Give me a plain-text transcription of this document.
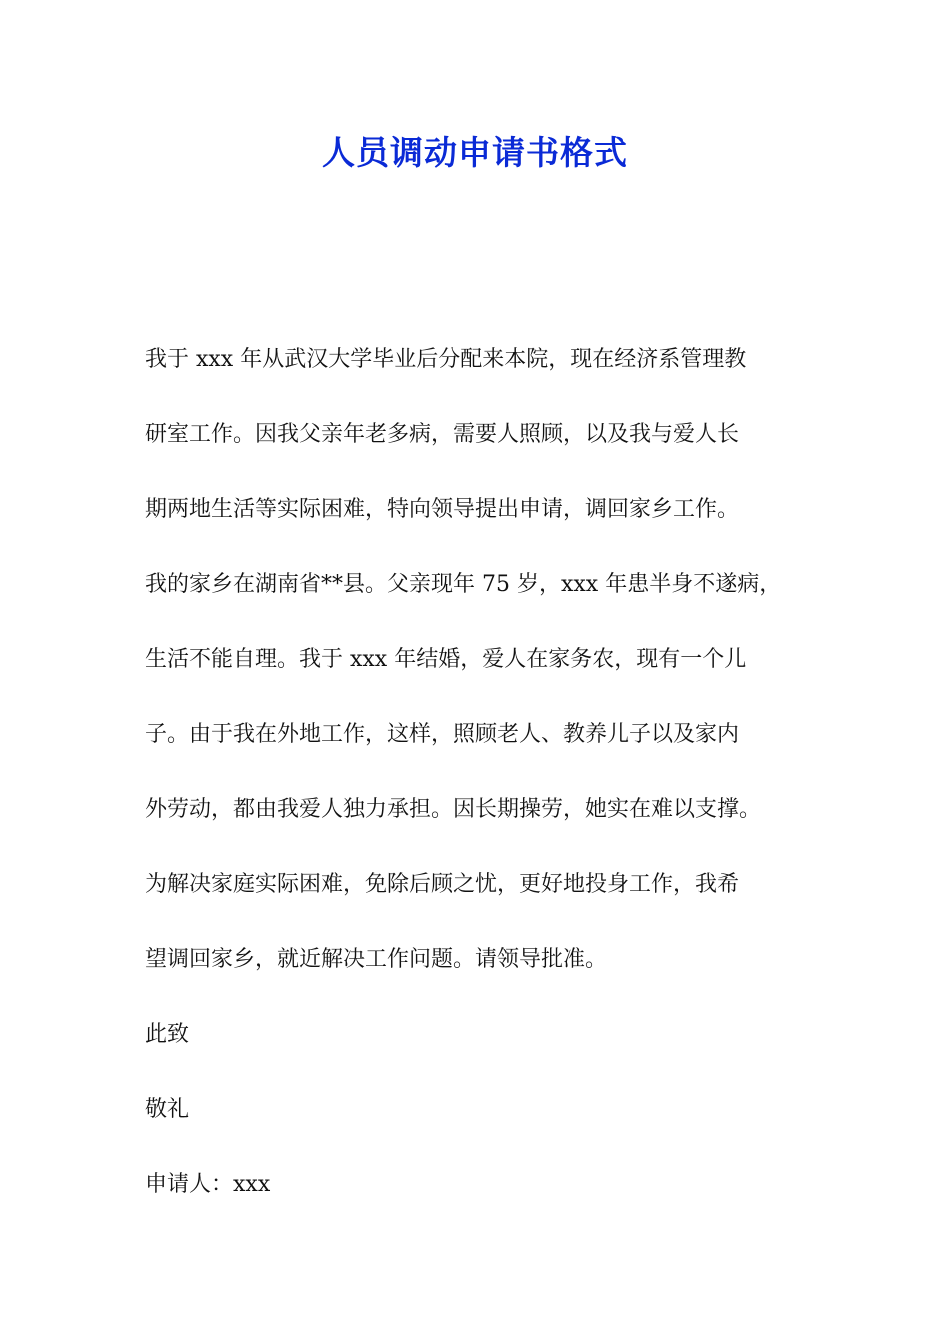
人员调动申请书格式

我于 xxx 年从武汉大学毕业后分配来本院，现在经济系管理教

研室工作。因我父亲年老多病，需要人照顾，以及我与爱人长

期两地生活等实际困难，特向领导提出申请，调回家乡工作。

我的家乡在湖南省**县。父亲现年 75 岁，xxx 年患半身不遂病，

生活不能自理。我于 xxx 年结婚，爱人在家务农，现有一个儿

子。由于我在外地工作，这样，照顾老人、教养儿子以及家内

外劳动，都由我爱人独力承担。因长期操劳，她实在难以支撑。

为解决家庭实际困难，免除后顾之忧，更好地投身工作，我希

望调回家乡，就近解决工作问题。请领导批准。

此致

敬礼

申请人：xxx
